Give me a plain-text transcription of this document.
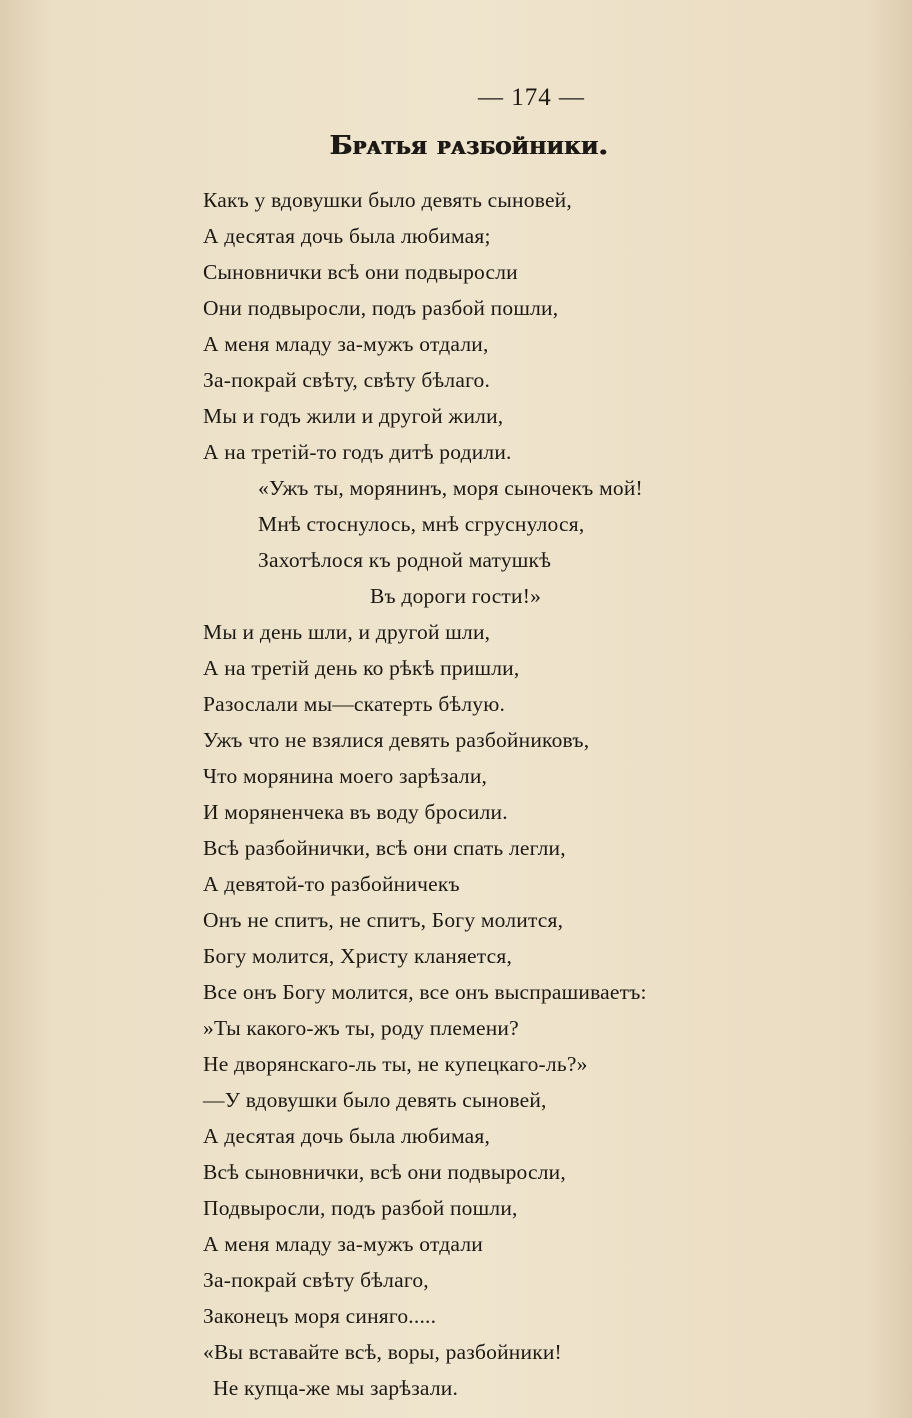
— 174 —
Братья разбойники.
Какъ у вдовушки было девять сыновей,
А десятая дочь была любимая;
Сыновнички всѣ они подвыросли
Они подвыросли, подъ разбой пошли,
А меня младу за-мужъ отдали,
За-покрай свѣту, свѣту бѣлаго.
Мы и годъ жили и другой жили,
А на третiй-то годъ дитѣ родили.
«Ужъ ты, морянинъ, моря сыночекъ мой!
Мнѣ стоснулось, мнѣ сгруснулося,
Захотѣлося къ родной матушкѣ
Въ дороги гости!»
Мы и день шли, и другой шли,
А на третiй день ко рѣкѣ пришли,
Разослали мы—скатерть бѣлую.
Ужъ что не взялися девять разбойниковъ,
Что морянина моего зарѣзали,
И моряненчека въ воду бросили.
Всѣ разбойнички, всѣ они спать легли,
А девятой-то разбойничекъ
Онъ не спитъ, не спитъ, Богу молится,
Богу молится, Христу кланяется,
Все онъ Богу молится, все онъ выспрашиваетъ:
»Ты какого-жъ ты, роду племени?
Не дворянскаго-ль ты, не купецкаго-ль?»
—У вдовушки было девять сыновей,
А десятая дочь была любимая,
Всѣ сыновнички, всѣ они подвыросли,
Подвыросли, подъ разбой пошли,
А меня младу за-мужъ отдали
За-покрай свѣту бѣлаго,
Законецъ моря синяго.....
«Вы вставайте всѣ, воры, разбойники!
Не купца-же мы зарѣзали.
